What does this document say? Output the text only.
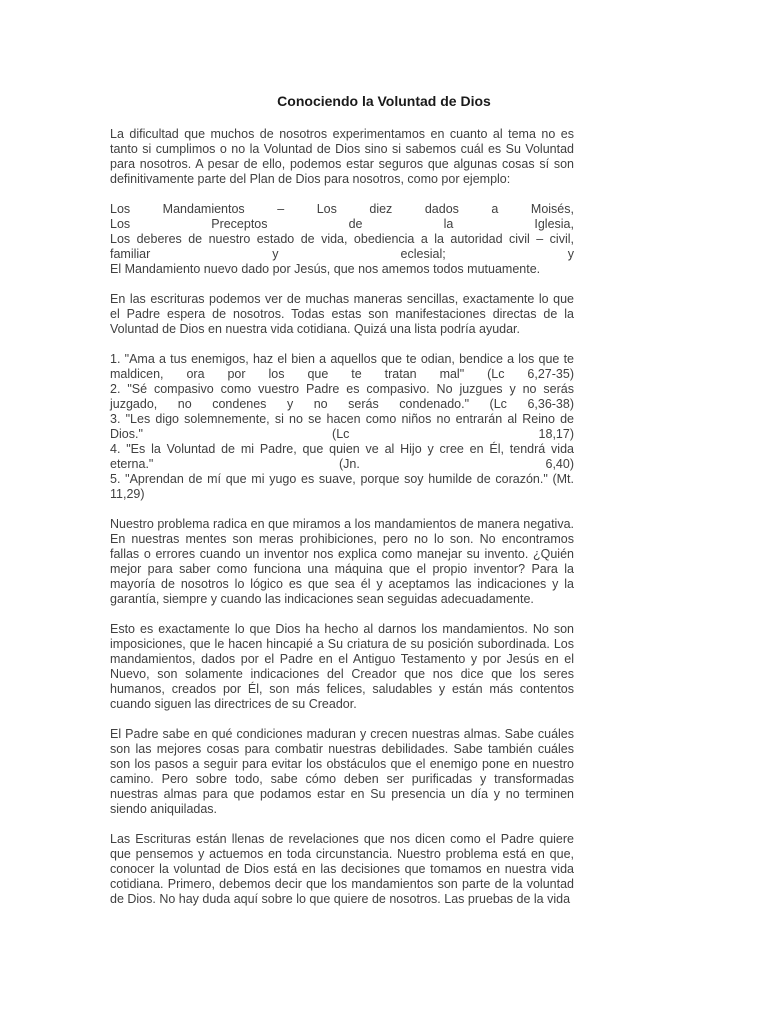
Conociendo la Voluntad de Dios

La dificultad que muchos de nosotros experimentamos en cuanto al tema no es tanto si cumplimos o no la Voluntad de Dios sino si sabemos cuál es Su Voluntad para nosotros. A pesar de ello, podemos estar seguros que algunas cosas sí son definitivamente parte del Plan de Dios para nosotros, como por ejemplo:

Los Mandamientos – Los diez dados a Moisés,
Los Preceptos de la Iglesia,
Los deberes de nuestro estado de vida, obediencia a la autoridad civil – civil,
familiar y eclesial; y
El Mandamiento nuevo dado por Jesús, que nos amemos todos mutuamente.

En las escrituras podemos ver de muchas maneras sencillas, exactamente lo que el Padre espera de nosotros. Todas estas son manifestaciones directas de la Voluntad de Dios en nuestra vida cotidiana. Quizá una lista podría ayudar.

1. "Ama a tus enemigos, haz el bien a aquellos que te odian, bendice a los que te
maldicen, ora por los que te tratan mal" (Lc 6,27-35)
2. "Sé compasivo como vuestro Padre es compasivo. No juzgues y no serás
juzgado, no condenes y no serás condenado." (Lc 6,36-38)
3. "Les digo solemnemente, si no se hacen como niños no entrarán al Reino de
Dios." (Lc 18,17)
4. "Es la Voluntad de mi Padre, que quien ve al Hijo y cree en Él, tendrá vida
eterna." (Jn. 6,40)
5. "Aprendan de mí que mi yugo es suave, porque soy humilde de corazón." (Mt.
11,29)

Nuestro problema radica en que miramos a los mandamientos de manera negativa. En nuestras mentes son meras prohibiciones, pero no lo son. No encontramos fallas o errores cuando un inventor nos explica como manejar su invento. ¿Quién mejor para saber como funciona una máquina que el propio inventor? Para la mayoría de nosotros lo lógico es que sea él y aceptamos las indicaciones y la garantía, siempre y cuando las indicaciones sean seguidas adecuadamente.

Esto es exactamente lo que Dios ha hecho al darnos los mandamientos. No son imposiciones, que le hacen hincapié a Su criatura de su posición subordinada. Los mandamientos, dados por el Padre en el Antiguo Testamento y por Jesús en el Nuevo, son solamente indicaciones del Creador que nos dice que los seres humanos, creados por Él, son más felices, saludables y están más contentos cuando siguen las directrices de su Creador.

El Padre sabe en qué condiciones maduran y crecen nuestras almas. Sabe cuáles son las mejores cosas para combatir nuestras debilidades. Sabe también cuáles son los pasos a seguir para evitar los obstáculos que el enemigo pone en nuestro camino. Pero sobre todo, sabe cómo deben ser purificadas y transformadas nuestras almas para que podamos estar en Su presencia un día y no terminen siendo aniquiladas.

Las Escrituras están llenas de revelaciones que nos dicen como el Padre quiere que pensemos y actuemos en toda circunstancia. Nuestro problema está en que, conocer la voluntad de Dios está en las decisiones que tomamos en nuestra vida cotidiana. Primero, debemos decir que los mandamientos son parte de la voluntad de Dios. No hay duda aquí sobre lo que quiere de nosotros. Las pruebas de la vida
